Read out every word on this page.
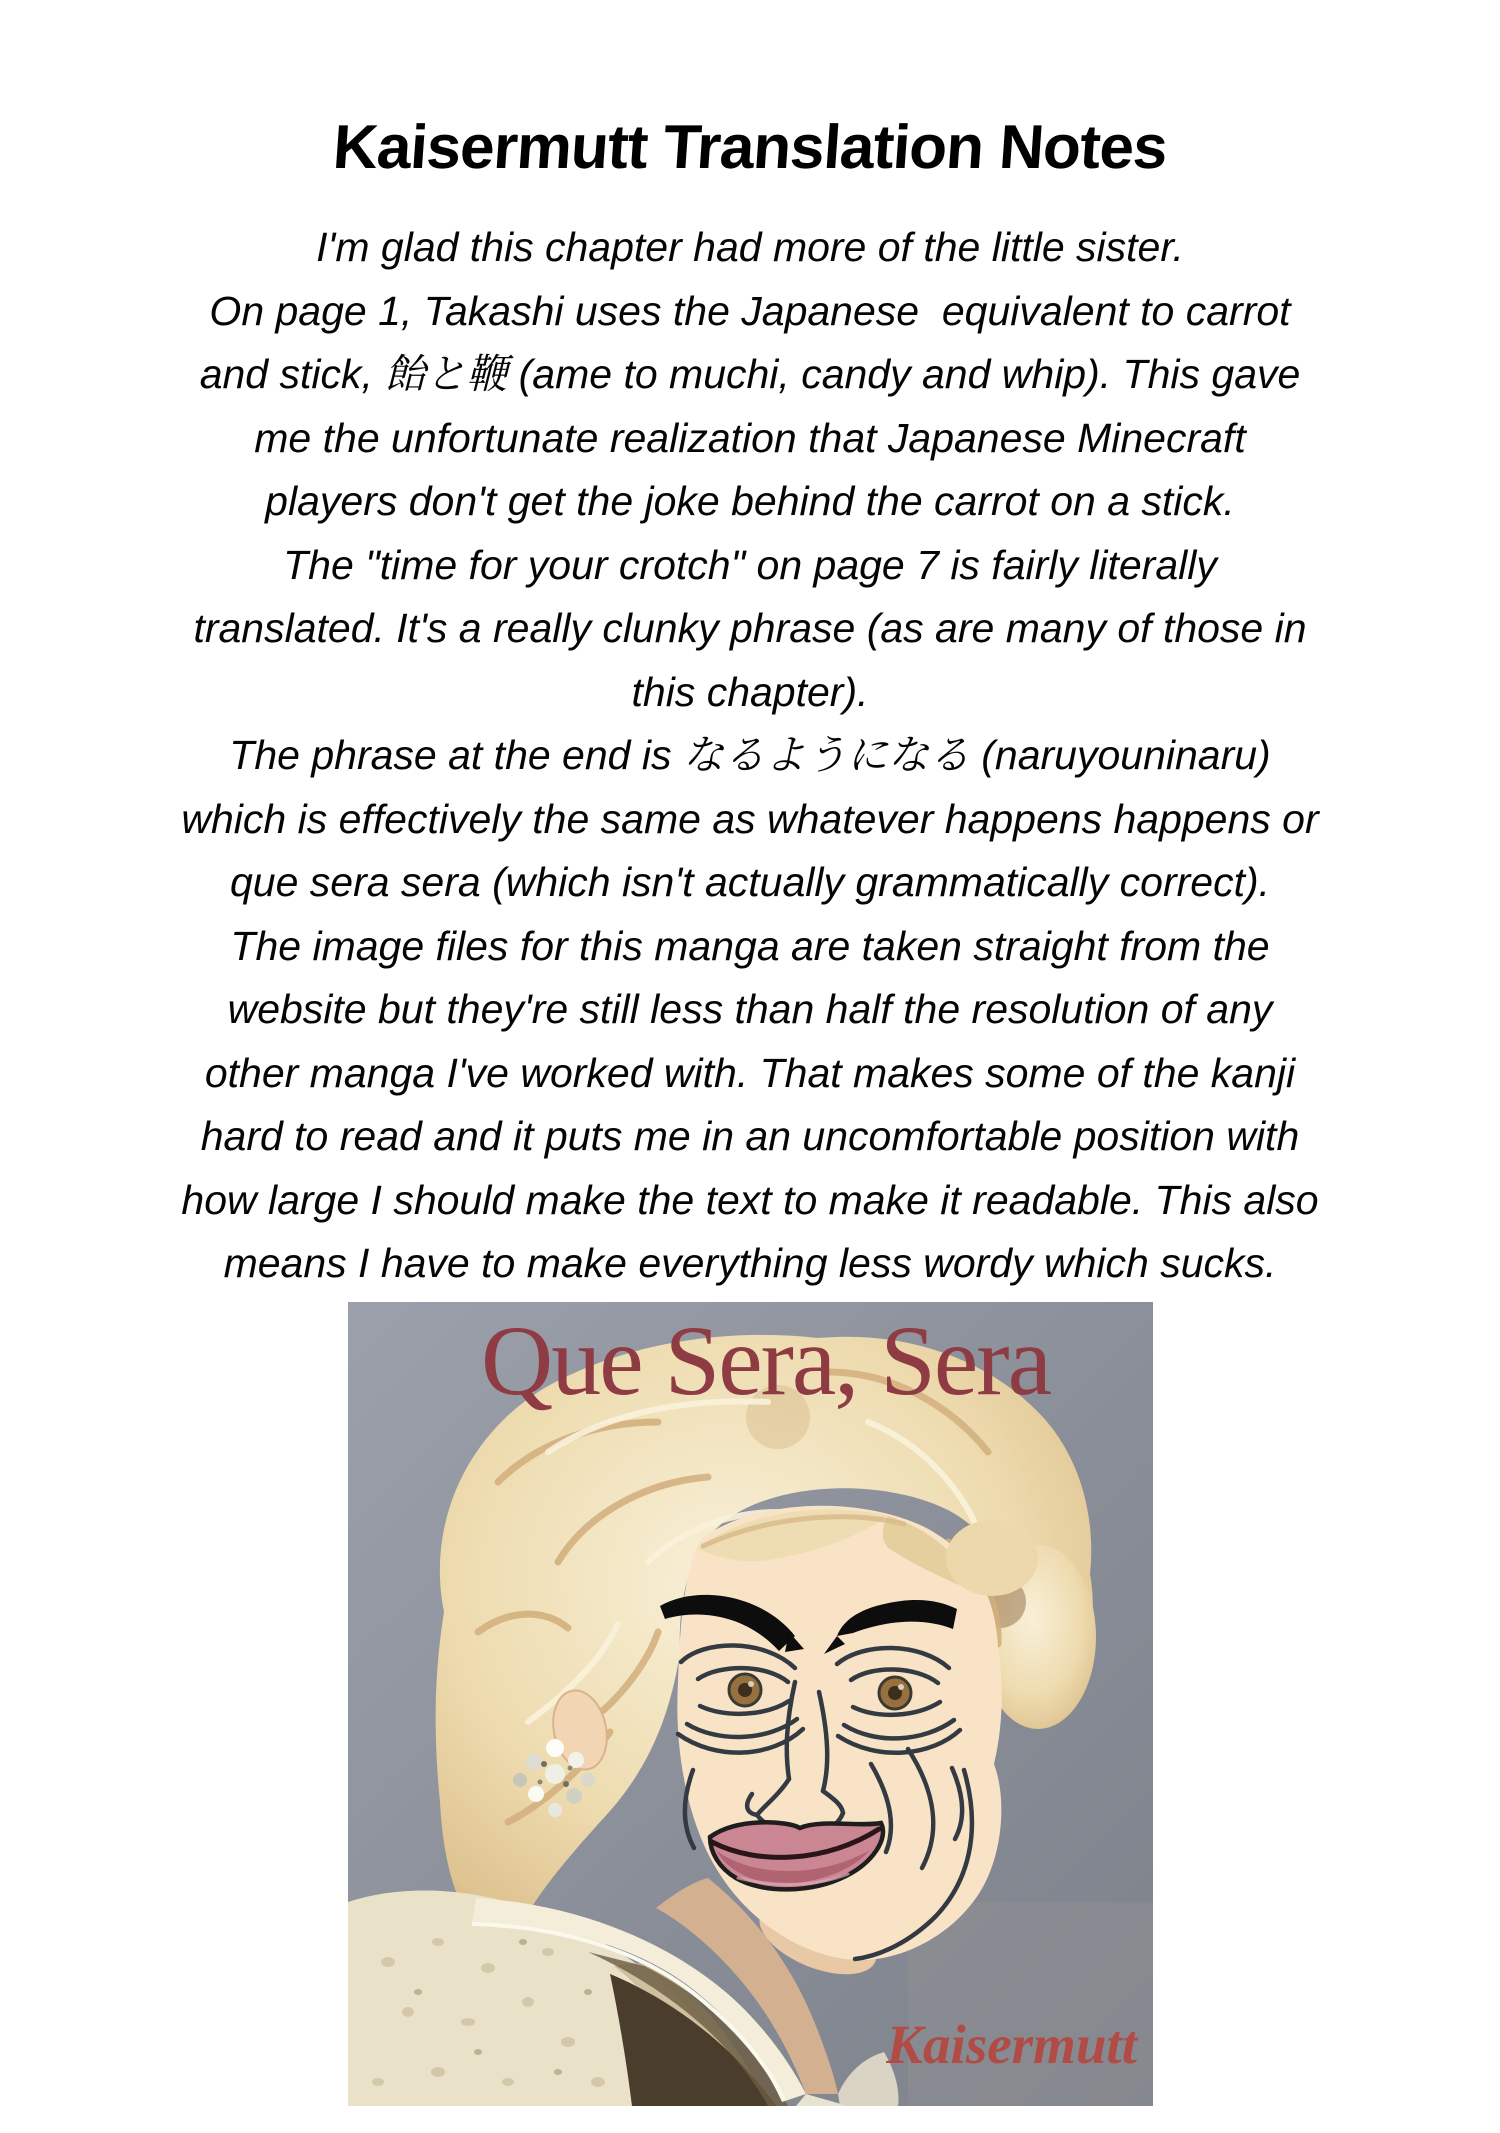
Kaisermutt Translation Notes
I'm glad this chapter had more of the little sister.
On page 1, Takashi uses the Japanese  equivalent to carrot
and stick, 飴と鞭 (ame to muchi, candy and whip). This gave
me the unfortunate realization that Japanese Minecraft
players don't get the joke behind the carrot on a stick.
The "time for your crotch" on page 7 is fairly literally
translated. It's a really clunky phrase (as are many of those in
this chapter).
The phrase at the end is なるようになる (naruyouninaru)
which is effectively the same as whatever happens happens or
que sera sera (which isn't actually grammatically correct).
The image files for this manga are taken straight from the
website but they're still less than half the resolution of any
other manga I've worked with. That makes some of the kanji
hard to read and it puts me in an uncomfortable position with
how large I should make the text to make it readable. This also
means I have to make everything less wordy which sucks.
Que Sera, Sera
Kaisermutt
